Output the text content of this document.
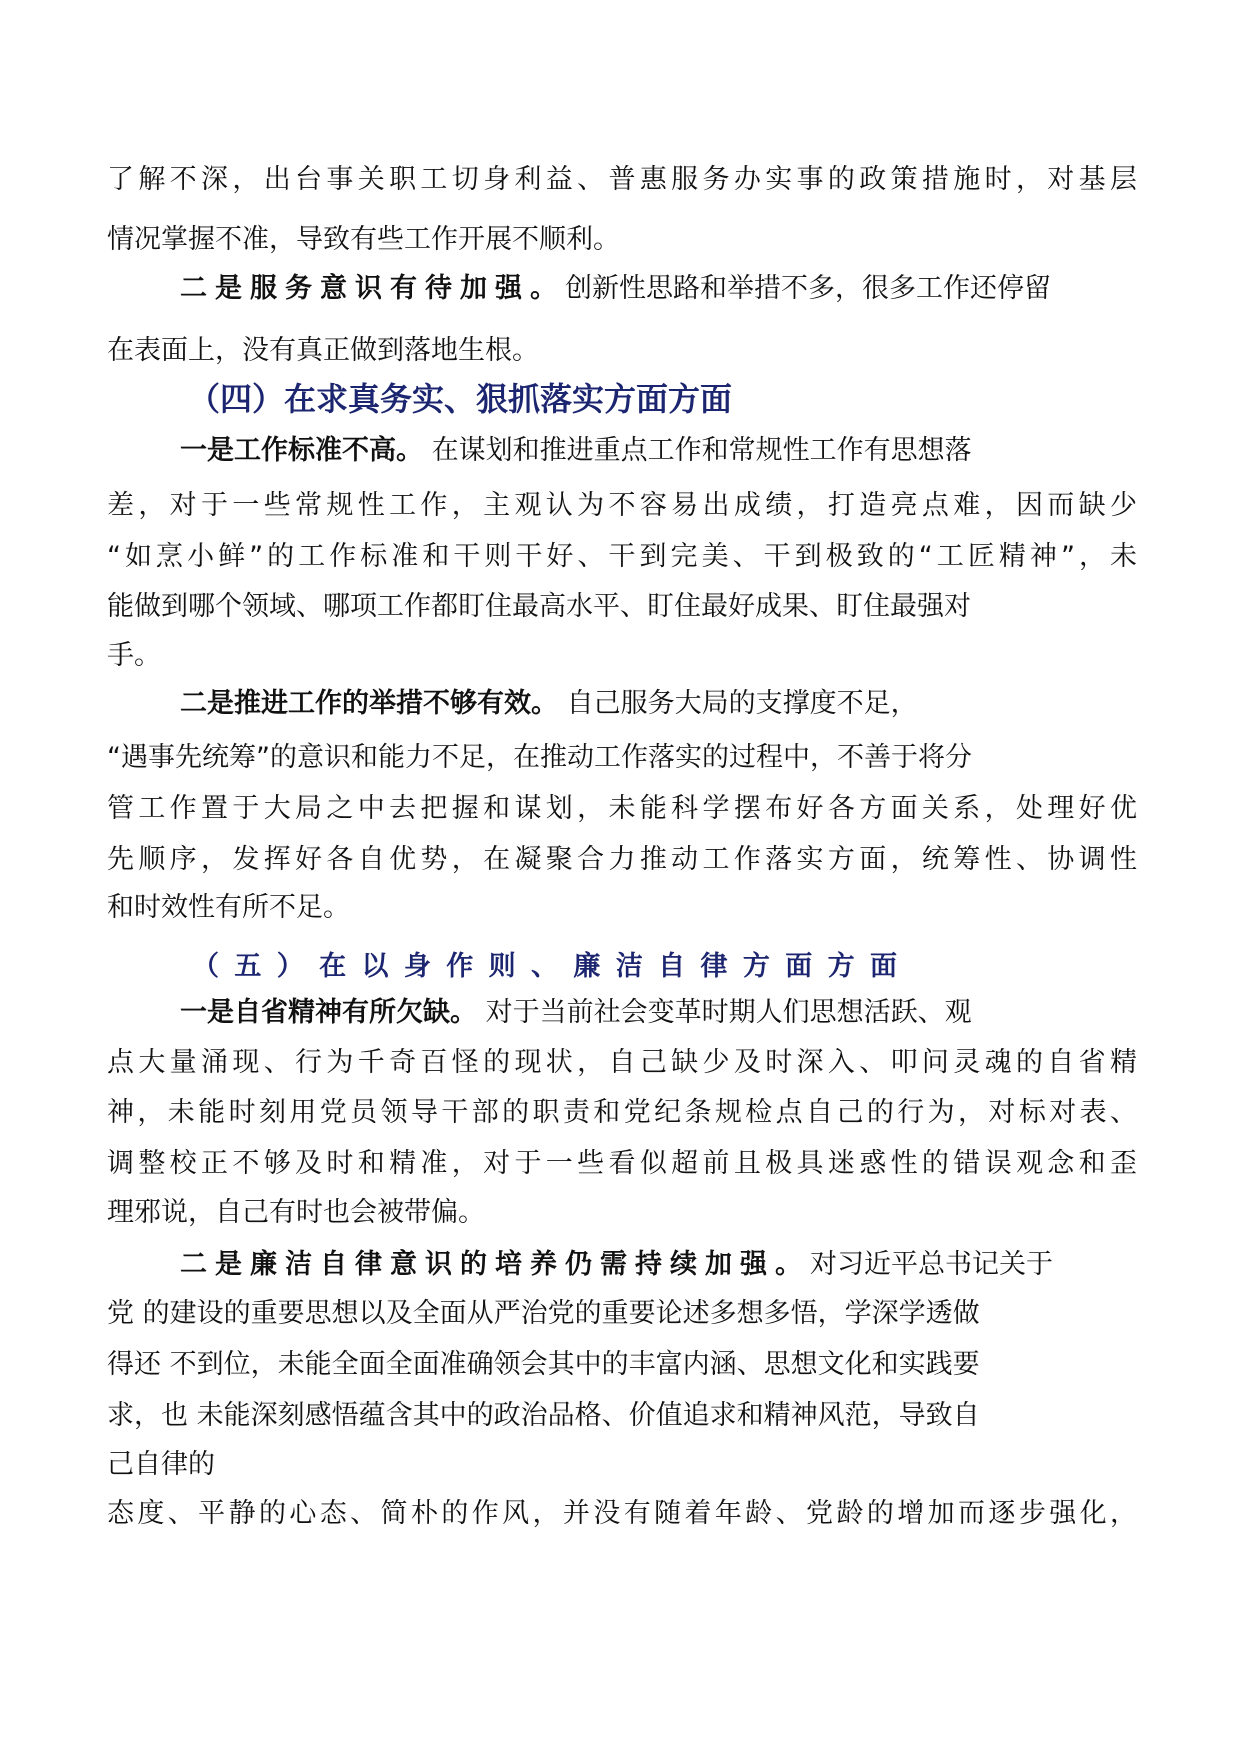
了解不深，出台事关职工切身利益、普惠服务办实事的政策措施时，对基层
情况掌握不准，导致有些工作开展不顺利。
二是服务意识有待加强。创新性思路和举措不多，很多工作还停留
在表面上，没有真正做到落地生根。
（四）在求真务实、狠抓落实方面方面
一是工作标准不高。 在谋划和推进重点工作和常规性工作有思想落
差，对于一些常规性工作，主观认为不容易出成绩，打造亮点难，因而缺少
“如烹小鲜”的工作标准和干则干好、干到完美、干到极致的“工匠精神”，未
能做到哪个领域、哪项工作都盯住最高水平、盯住最好成果、盯住最强对
手。
二是推进工作的举措不够有效。 自己服务大局的支撑度不足，
“遇事先统筹”的意识和能力不足，在推动工作落实的过程中，不善于将分
管工作置于大局之中去把握和谋划，未能科学摆布好各方面关系，处理好优
先顺序，发挥好各自优势，在凝聚合力推动工作落实方面，统筹性、协调性
和时效性有所不足。
（五）在以身作则、廉洁自律方面方面
一是自省精神有所欠缺。 对于当前社会变革时期人们思想活跃、观
点大量涌现、行为千奇百怪的现状，自己缺少及时深入、叩问灵魂的自省精
神，未能时刻用党员领导干部的职责和党纪条规检点自己的行为，对标对表、
调整校正不够及时和精准，对于一些看似超前且极具迷惑性的错误观念和歪
理邪说，自己有时也会被带偏。
二是廉洁自律意识的培养仍需持续加强。对习近平总书记关于
党 的建设的重要思想以及全面从严治党的重要论述多想多悟，学深学透做
得还 不到位，未能全面全面准确领会其中的丰富内涵、思想文化和实践要
求，也 未能深刻感悟蕴含其中的政治品格、价值追求和精神风范，导致自
己自律的
态度、平静的心态、简朴的作风，并没有随着年龄、党龄的增加而逐步强化，
